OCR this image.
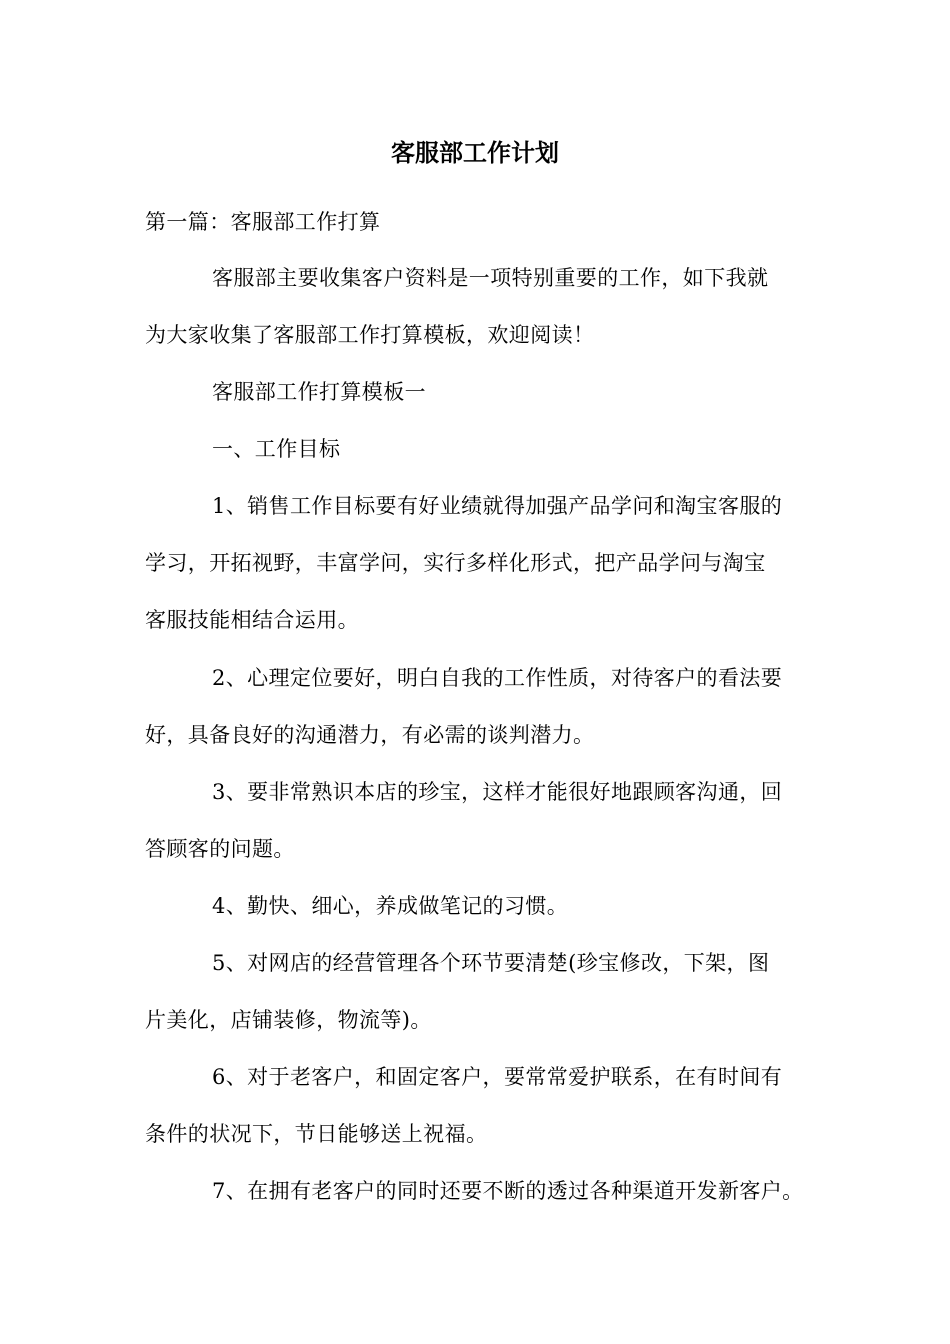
客服部工作计划
第一篇：客服部工作打算
客服部主要收集客户资料是一项特别重要的工作，如下我就
为大家收集了客服部工作打算模板，欢迎阅读！
客服部工作打算模板一
一、工作目标
1、销售工作目标要有好业绩就得加强产品学问和淘宝客服的
学习，开拓视野，丰富学问，实行多样化形式，把产品学问与淘宝
客服技能相结合运用。
2、心理定位要好，明白自我的工作性质，对待客户的看法要
好，具备良好的沟通潜力，有必需的谈判潜力。
3、要非常熟识本店的珍宝，这样才能很好地跟顾客沟通，回
答顾客的问题。
4、勤快、细心，养成做笔记的习惯。
5、对网店的经营管理各个环节要清楚(珍宝修改，下架，图
片美化，店铺装修，物流等)。
6、对于老客户，和固定客户，要常常爱护联系，在有时间有
条件的状况下，节日能够送上祝福。
7、在拥有老客户的同时还要不断的透过各种渠道开发新客户。
